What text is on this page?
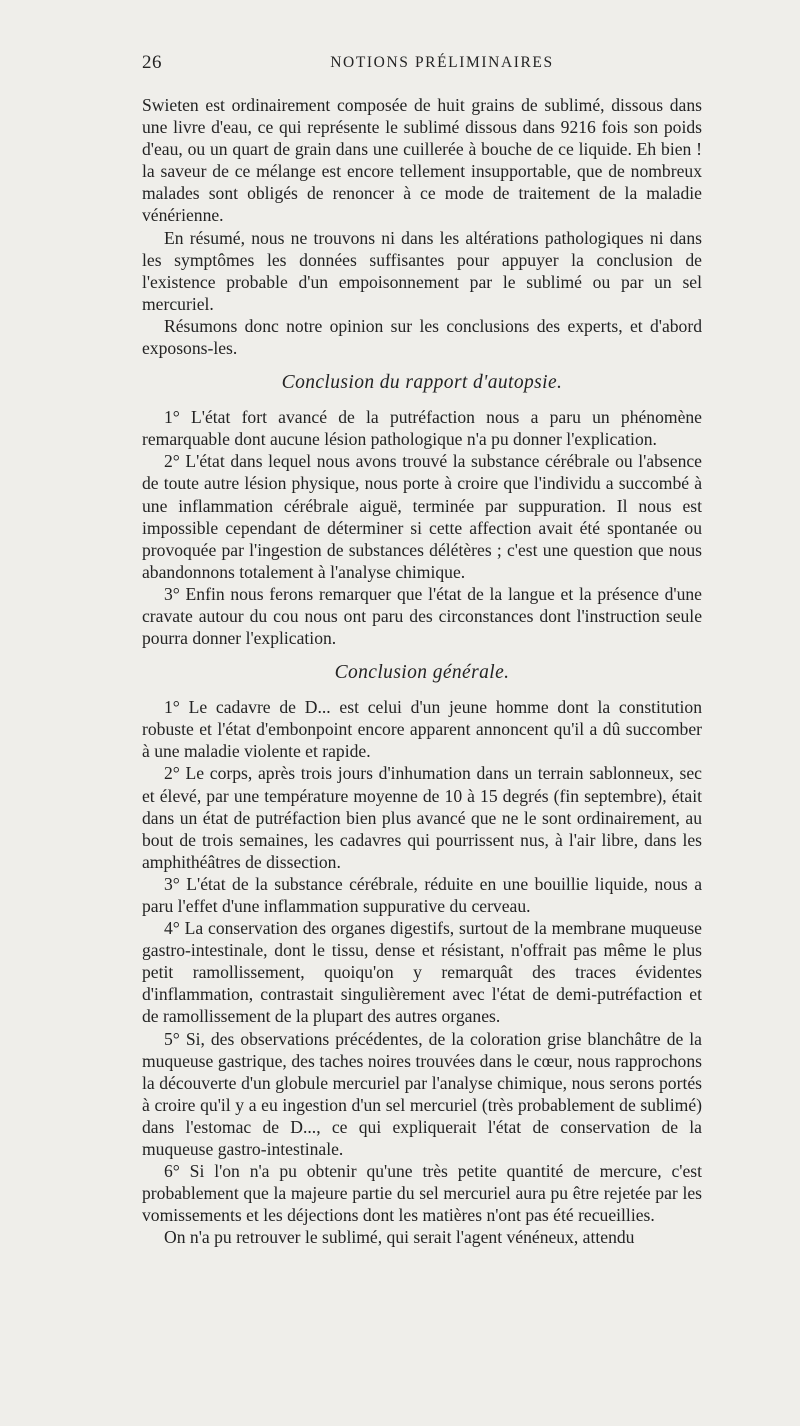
26	NOTIONS PRÉLIMINAIRES

Swieten est ordinairement composée de huit grains de sublimé, dissous dans une livre d'eau, ce qui représente le sublimé dissous dans 9216 fois son poids d'eau, ou un quart de grain dans une cuillerée à bouche de ce liquide. Eh bien ! la saveur de ce mélange est encore tellement insupportable, que de nombreux malades sont obligés de renoncer à ce mode de traitement de la maladie vénérienne.

En résumé, nous ne trouvons ni dans les altérations pathologiques ni dans les symptômes les données suffisantes pour appuyer la conclusion de l'existence probable d'un empoisonnement par le sublimé ou par un sel mercuriel.

Résumons donc notre opinion sur les conclusions des experts, et d'abord exposons-les.

Conclusion du rapport d'autopsie.

1° L'état fort avancé de la putréfaction nous a paru un phénomène remarquable dont aucune lésion pathologique n'a pu donner l'explication.

2° L'état dans lequel nous avons trouvé la substance cérébrale ou l'absence de toute autre lésion physique, nous porte à croire que l'individu a succombé à une inflammation cérébrale aiguë, terminée par suppuration. Il nous est impossible cependant de déterminer si cette affection avait été spontanée ou provoquée par l'ingestion de substances délétères ; c'est une question que nous abandonnons totalement à l'analyse chimique.

3° Enfin nous ferons remarquer que l'état de la langue et la présence d'une cravate autour du cou nous ont paru des circonstances dont l'instruction seule pourra donner l'explication.

Conclusion générale.

1° Le cadavre de D... est celui d'un jeune homme dont la constitution robuste et l'état d'embonpoint encore apparent annoncent qu'il a dû succomber à une maladie violente et rapide.

2° Le corps, après trois jours d'inhumation dans un terrain sablonneux, sec et élevé, par une température moyenne de 10 à 15 degrés (fin septembre), était dans un état de putréfaction bien plus avancé que ne le sont ordinairement, au bout de trois semaines, les cadavres qui pourrissent nus, à l'air libre, dans les amphithéâtres de dissection.

3° L'état de la substance cérébrale, réduite en une bouillie liquide, nous a paru l'effet d'une inflammation suppurative du cerveau.

4° La conservation des organes digestifs, surtout de la membrane muqueuse gastro-intestinale, dont le tissu, dense et résistant, n'offrait pas même le plus petit ramollissement, quoiqu'on y remarquât des traces évidentes d'inflammation, contrastait singulièrement avec l'état de demi-putréfaction et de ramollissement de la plupart des autres organes.

5° Si, des observations précédentes, de la coloration grise blanchâtre de la muqueuse gastrique, des taches noires trouvées dans le cœur, nous rapprochons la découverte d'un globule mercuriel par l'analyse chimique, nous serons portés à croire qu'il y a eu ingestion d'un sel mercuriel (très probablement de sublimé) dans l'estomac de D..., ce qui expliquerait l'état de conservation de la muqueuse gastro-intestinale.

6° Si l'on n'a pu obtenir qu'une très petite quantité de mercure, c'est probablement que la majeure partie du sel mercuriel aura pu être rejetée par les vomissements et les déjections dont les matières n'ont pas été recueillies.

On n'a pu retrouver le sublimé, qui serait l'agent vénéneux, attendu
